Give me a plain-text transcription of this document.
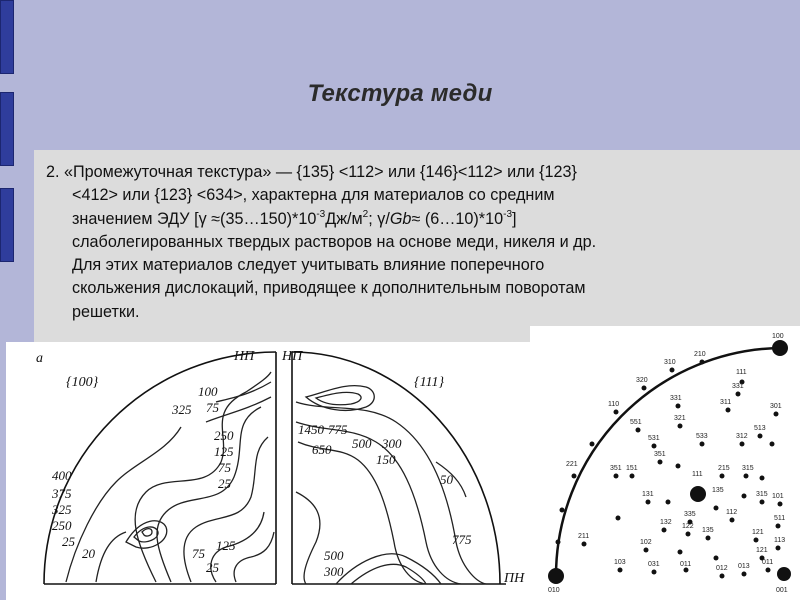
Текстура меди
2. «Промежуточная текстура» — {135} <112> или {146}<112> или {123}
<412> или {123} <634>, характерна для материалов со средним
значением ЭДУ [$\gamma \approx(35\dots 150)*10^{-3}Дж/м^2$; $\gamma/Gb\approx (6\dots 10)*10^{-3}$]
слаболегированных твердых растворов на основе меди, никеля и др.
Для этих материалов следует учитывать влияние поперечного
скольжения дислокаций, приводящее к дополнительным поворотам
решетки.
а
{100}	{111}
НП НП
ПН
100
75
325
250
125
75
25
400
375
325
250
25
20	75
25
125
1450 775
650 500 300
150
50
500
300
775
100
210
310
320
111
331
110
551
321
311
301
331
513
533	312
531
351
111
315
151	215
351
135
131
335
315
132
112
511
122
135	121
113
011
031
010	001
101
102
103
013
012
121
011
211
221
